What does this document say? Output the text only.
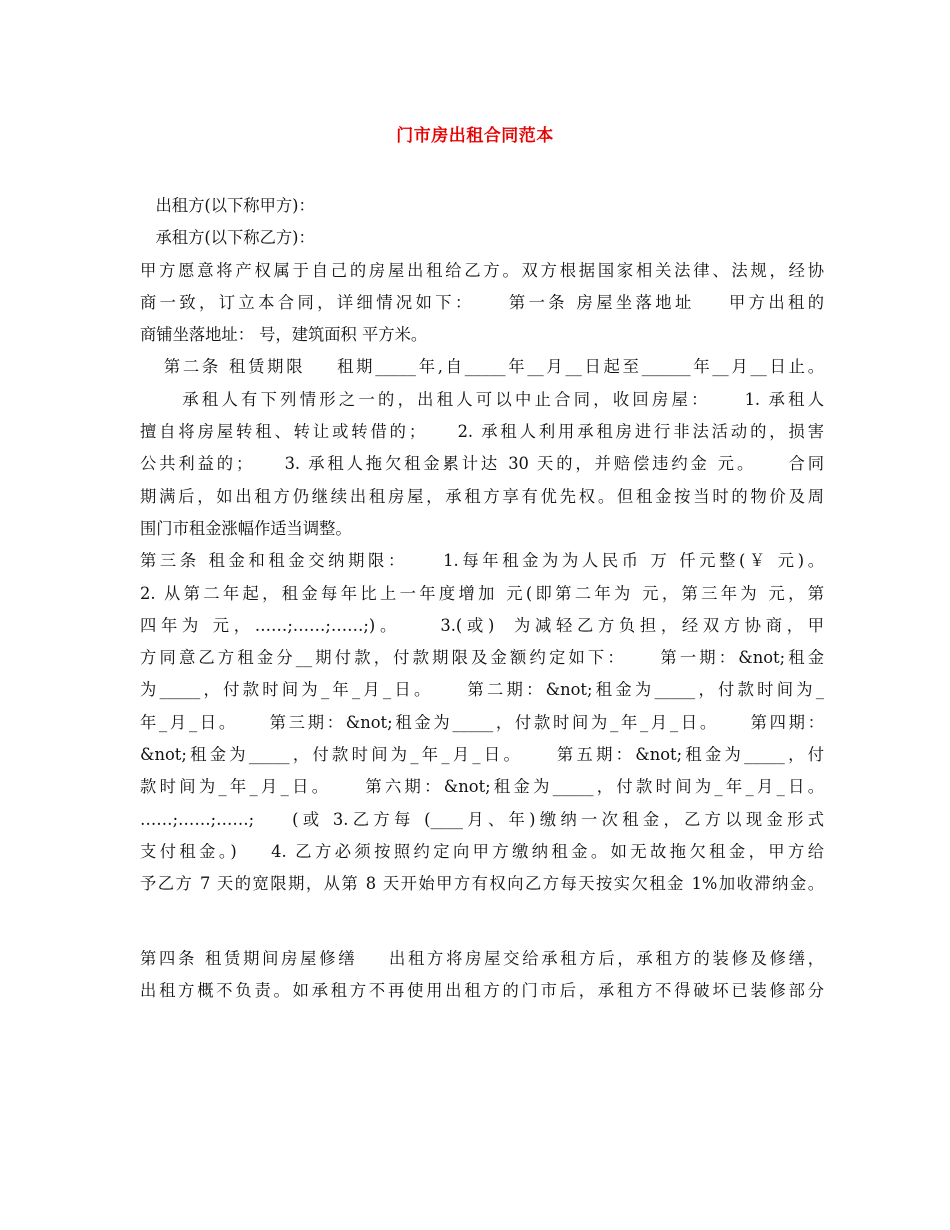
门市房出租合同范本
出租方(以下称甲方)：
承租方(以下称乙方)：
甲方愿意将产权属于自己的房屋出租给乙方。双方根据国家相关法律、法规，经协
商一致，订立本合同，详细情况如下：    第一条 房屋坐落地址    甲方出租的
商铺坐落地址： 号，建筑面积 平方米。
第二条 租赁期限    租期_____年,自_____年__月__日起至______年__月__日止。
承租人有下列情形之一的，出租人可以中止合同，收回房屋：    1. 承租人
擅自将房屋转租、转让或转借的；    2. 承租人利用承租房进行非法活动的，损害
公共利益的；    3. 承租人拖欠租金累计达 30 天的，并赔偿违约金 元。    合同
期满后，如出租方仍继续出租房屋，承租方享有优先权。但租金按当时的物价及周
围门市租金涨幅作适当调整。
第三条 租金和租金交纳期限：    1.每年租金为为人民币 万 仟元整(￥ 元)。
2. 从第二年起，租金每年比上一年度增加 元(即第二年为 元，第三年为 元，第
四年为 元，……;……;……;)。    3.(或)  为减轻乙方负担，经双方协商，甲
方同意乙方租金分__期付款，付款期限及金额约定如下：    第一期：&not;租金
为_____，付款时间为_年_月_日。    第二期：&not;租金为_____，付款时间为_
年_月_日。    第三期：&not;租金为_____，付款时间为_年_月_日。    第四期：
&not;租金为_____，付款时间为_年_月_日。    第五期：&not;租金为_____，付
款时间为_年_月_日。    第六期：&not;租金为_____，付款时间为_年_月_日。
……;……;……;    (或 3.乙方每 (____月、年)缴纳一次租金，乙方以现金形式
支付租金。)    4. 乙方必须按照约定向甲方缴纳租金。如无故拖欠租金，甲方给
予乙方 7 天的宽限期，从第 8 天开始甲方有权向乙方每天按实欠租金 1%加收滞纳金。
第四条 租赁期间房屋修缮    出租方将房屋交给承租方后，承租方的装修及修缮，
出租方概不负责。如承租方不再使用出租方的门市后，承租方不得破坏已装修部分
